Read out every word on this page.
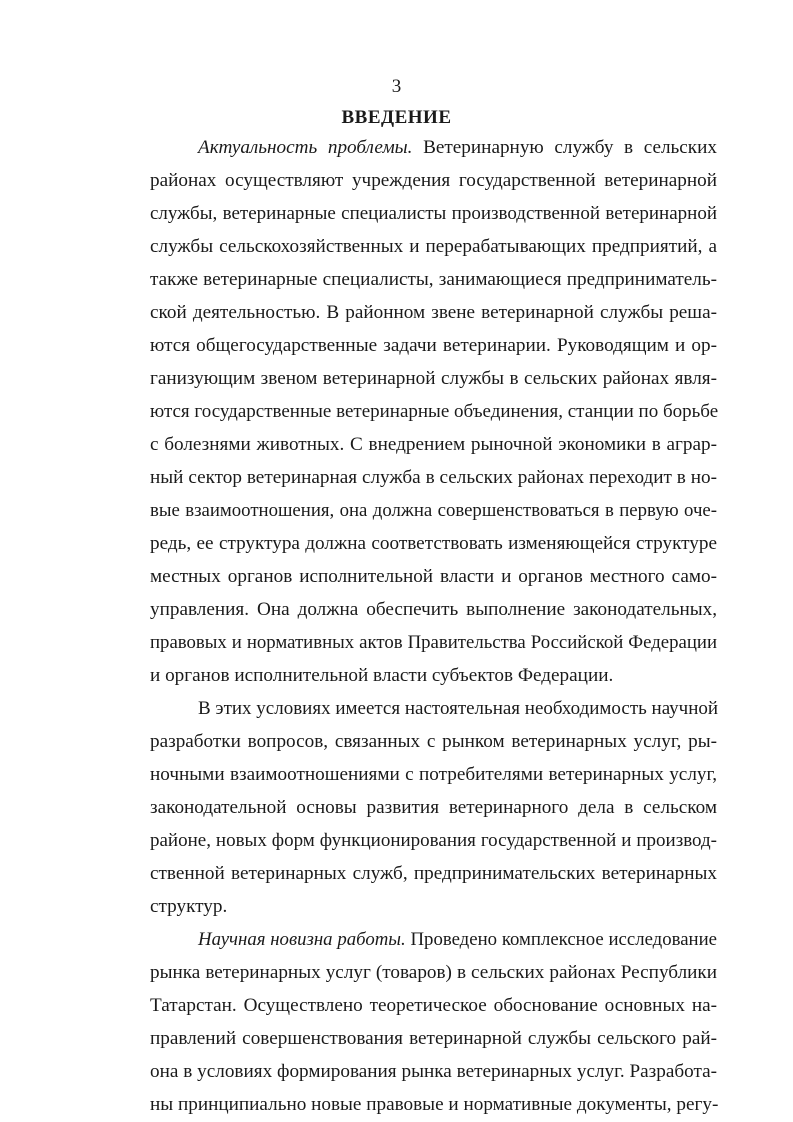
3
ВВЕДЕНИЕ
Актуальность проблемы. Ветеринарную службу в сельских
районах осуществляют учреждения государственной ветеринарной
службы, ветеринарные специалисты производственной ветеринарной
службы сельскохозяйственных и перерабатывающих предприятий, а
также ветеринарные специалисты, занимающиеся предприниматель-
ской деятельностью. В районном звене ветеринарной службы реша-
ются общегосударственные задачи ветеринарии. Руководящим и ор-
ганизующим звеном ветеринарной службы в сельских районах явля-
ются государственные ветеринарные объединения, станции по борьбе
с болезнями животных. С внедрением рыночной экономики в аграр-
ный сектор ветеринарная служба в сельских районах переходит в но-
вые взаимоотношения, она должна совершенствоваться в первую оче-
редь, ее структура должна соответствовать изменяющейся структуре
местных органов исполнительной власти и органов местного само-
управления. Она должна обеспечить выполнение законодательных,
правовых и нормативных актов Правительства Российской Федерации
и органов исполнительной власти субъектов Федерации.
В этих условиях имеется настоятельная необходимость научной
разработки вопросов, связанных с рынком ветеринарных услуг, ры-
ночными взаимоотношениями с потребителями ветеринарных услуг,
законодательной основы развития ветеринарного дела в сельском
районе, новых форм функционирования государственной и производ-
ственной ветеринарных служб, предпринимательских ветеринарных
структур.
Научная новизна работы. Проведено комплексное исследование
рынка ветеринарных услуг (товаров) в сельских районах Республики
Татарстан. Осуществлено теоретическое обоснование основных на-
правлений совершенствования ветеринарной службы сельского рай-
она в условиях формирования рынка ветеринарных услуг. Разработа-
ны принципиально новые правовые и нормативные документы, регу-
